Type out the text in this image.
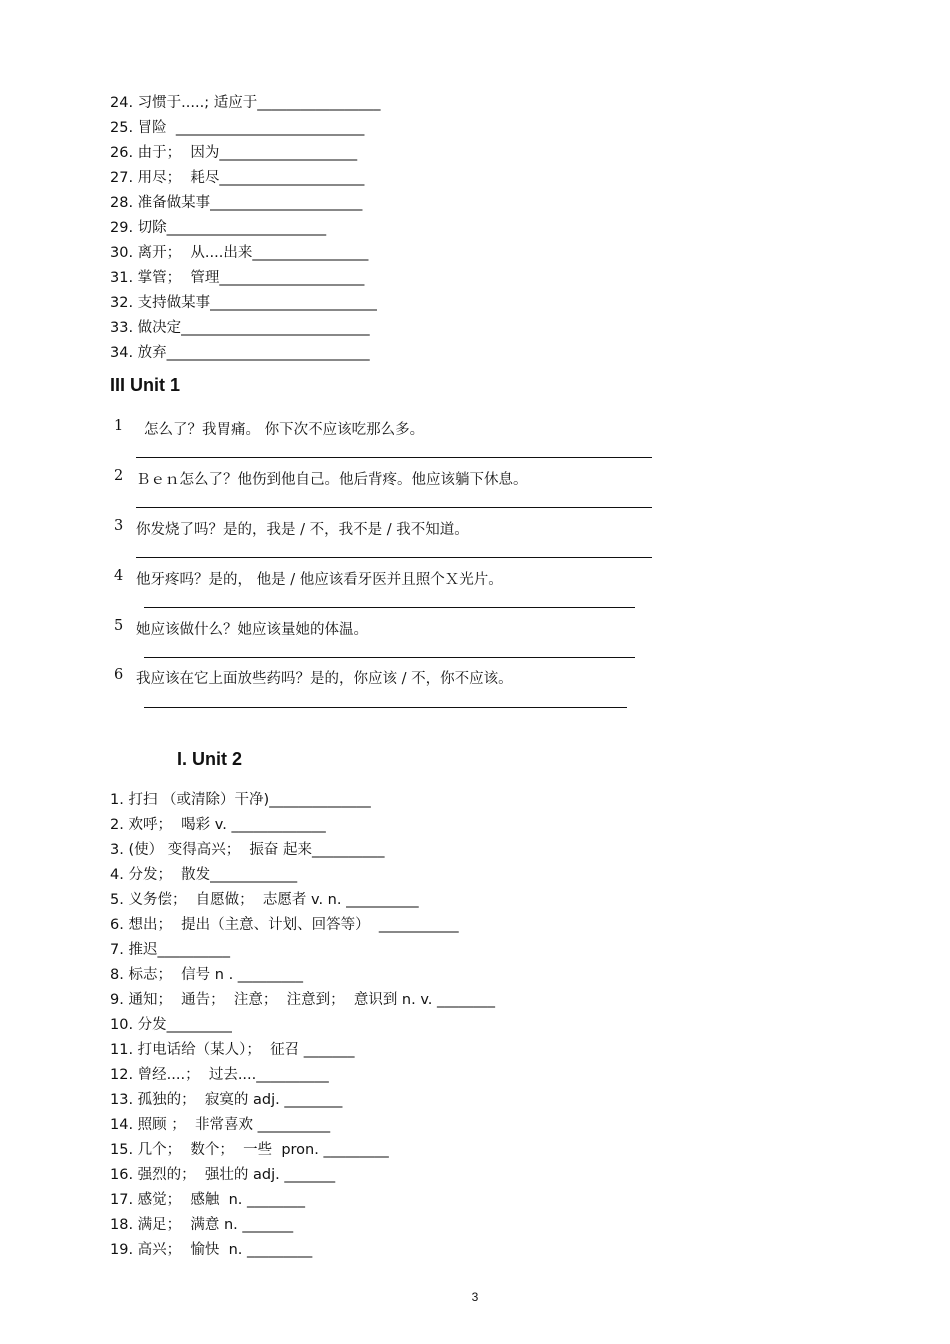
24. 习惯于.....; 适应于_________________
25. 冒险  __________________________
26. 由于；  因为___________________
27. 用尽；  耗尽____________________
28. 准备做某事_____________________
29. 切除______________________
30. 离开；  从....出来________________
31. 掌管；  管理____________________
32. 支持做某事_______________________
33. 做决定__________________________
34. 放弃____________________________
III Unit 1
1 怎么了？我胃痛。 你下次不应该吃那么多。
2 Ｂｅｎ怎么了？他伤到他自己。他后背疼。他应该躺下休息。
3 你发烧了吗？是的，我是 / 不，我不是 / 我不知道。
4 他牙疼吗？是的， 他是 / 他应该看牙医并且照个Ｘ光片。
5 她应该做什么？她应该量她的体温。
6 我应该在它上面放些药吗？是的，你应该 / 不，你不应该。
I. Unit 2
1. 打扫 （或清除）干净)______________
2. 欢呼；  喝彩 v. _____________
3. (使） 变得高兴；  振奋 起来__________
4. 分发；  散发____________
5. 义务偿；  自愿做；  志愿者 v. n. __________
6. 想出；  提出（主意、计划、回答等）  ___________
7. 推迟__________
8. 标志；  信号 n . _________
9. 通知；  通告；  注意；  注意到；  意识到 n. v. ________
10. 分发_________
11. 打电话给（某人）；  征召 _______
12. 曾经....；  过去....__________
13. 孤独的；  寂寞的 adj. ________
14. 照顾 ；  非常喜欢 __________
15. 几个；  数个；  一些  pron. _________
16. 强烈的；  强壮的 adj. _______
17. 感觉；  感触  n. ________
18. 满足；  满意 n. _______
19. 高兴；  愉快  n. _________
3
